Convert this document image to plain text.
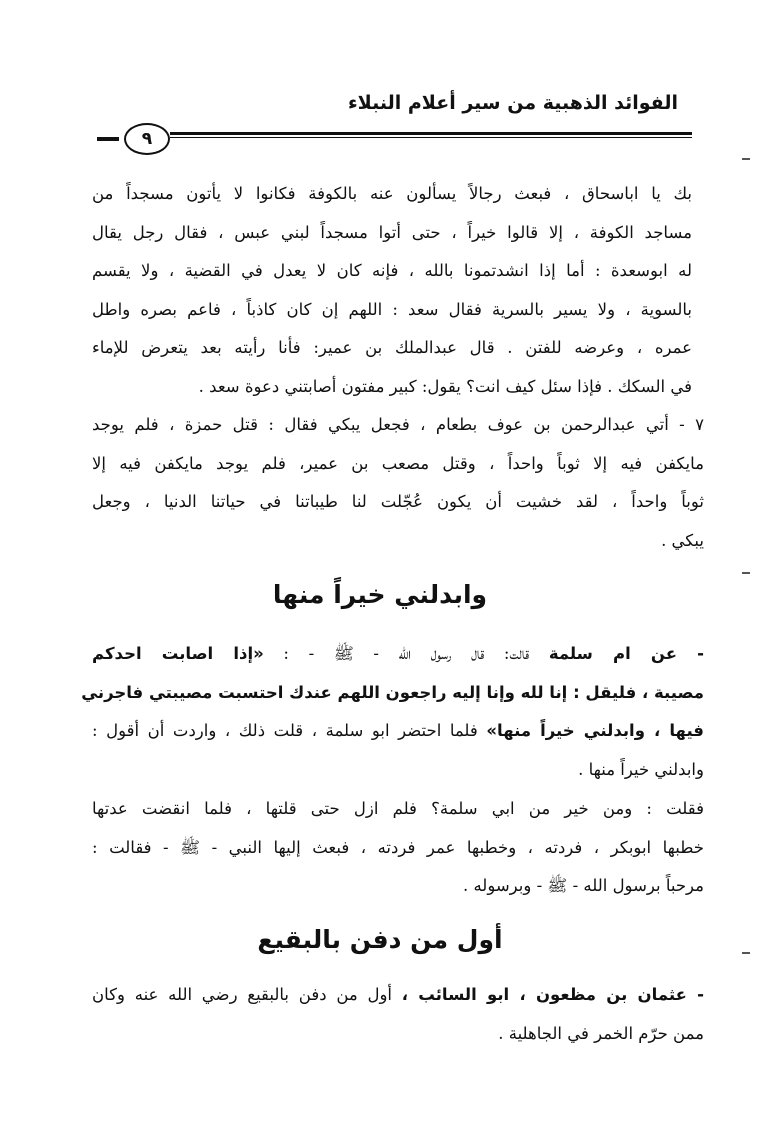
الفوائد الذهبية من سير أعلام النبلاء
٩
بك يا اباسحاق ، فبعث رجالاً يسألون عنه بالكوفة فكانوا لا يأتون مسجداً من
مساجد الكوفة ، إلا قالوا خيراً ، حتى أتوا مسجداً لبني عبس ، فقال رجل يقال
له ابوسعدة : أما إذا انشدتمونا بالله ، فإنه كان لا يعدل في القضية ، ولا يقسم
بالسوية ، ولا يسير بالسرية فقال سعد : اللهم إن كان كاذباً ، فاعم بصره واطل
عمره ، وعرضه للفتن . قال عبدالملك بن عمير: فأنا رأيته بعد يتعرض للإماء
في السكك . فإذا سئل كيف انت؟ يقول: كبير مفتون أصابتني دعوة سعد .
٧ - أتي عبدالرحمن بن عوف بطعام ، فجعل يبكي فقال : قتل حمزة ، فلم يوجد
مايكفن فيه إلا ثوباً واحداً ، وقتل مصعب بن عمير، فلم يوجد مايكفن فيه إلا
ثوباً واحداً ، لقد خشيت أن يكون عُجّلت لنا طيباتنا في حياتنا الدنيا ، وجعل
يبكي .
وابدلني خيراً منها
- عن ام سلمة قالت: قال رسول الله - ﷺ - : «إذا اصابت احدكم
مصيبة ، فليقل : إنا لله وإنا إليه راجعون اللهم عندك احتسبت مصيبتي فاجرني
فيها ، وابدلني خيراً منها» فلما احتضر ابو سلمة ، قلت ذلك ، واردت أن أقول :
وابدلني خيراً منها .
فقلت : ومن خير من ابي سلمة؟ فلم ازل حتى قلتها ، فلما انقضت عدتها
خطبها ابوبكر ، فردته ، وخطبها عمر فردته ، فبعث إليها النبي - ﷺ - فقالت :
مرحباً برسول الله - ﷺ - وبرسوله .
أول من دفن بالبقيع
- عثمان بن مظعون ، ابو السائب ، أول من دفن بالبقيع رضي الله عنه وكان
ممن حرّم الخمر في الجاهلية .
